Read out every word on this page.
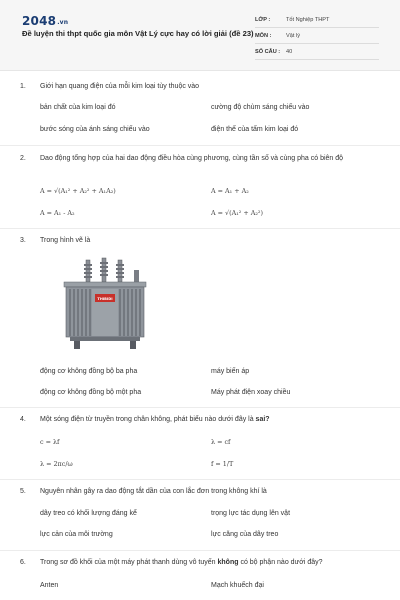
2048.vn
Đề luyện thi thpt quốc gia môn Vật Lý cực hay có lời giải (đề 23)
LỚP :	Tốt Nghiệp THPT
MÔN :	Vật lý
SỐ CÂU : 40
1.	Giới hạn quang điện của mỗi kim loại tùy thuộc vào
bản chất của kim loại đó	cường độ chùm sáng chiếu vào
bước sóng của ánh sáng chiếu vào	điện thế của tấm kim loại đó
2.	Dao động tổng hợp của hai dao động điều hòa cùng phương, cùng tần số và cùng pha có biên độ
A = √(A₁² + A₂² + A₁A₂)	A = A₁ + A₂
A = A₁ - A₂	A = √(A₁² + A₂²)
3.	Trong hình vẽ là
THIBIDI
động cơ không đồng bộ ba pha	máy biến áp
động cơ không đồng bộ một pha	Máy phát điện xoay chiều
4.	Một sóng điện từ truyền trong chân không, phát biểu nào dưới đây là sai?
c = λf	λ = cf
λ = 2πc/ω	f = 1/T
5.	Nguyên nhân gây ra dao động tắt dần của con lắc đơn trong không khí là
dây treo có khối lượng đáng kể	trọng lực tác dụng lên vật
lực cản của môi trường	lực căng của dây treo
6.	Trong sơ đồ khối của một máy phát thanh dùng vô tuyến không có bộ phận nào dưới đây?
Anten	Mạch khuếch đại
